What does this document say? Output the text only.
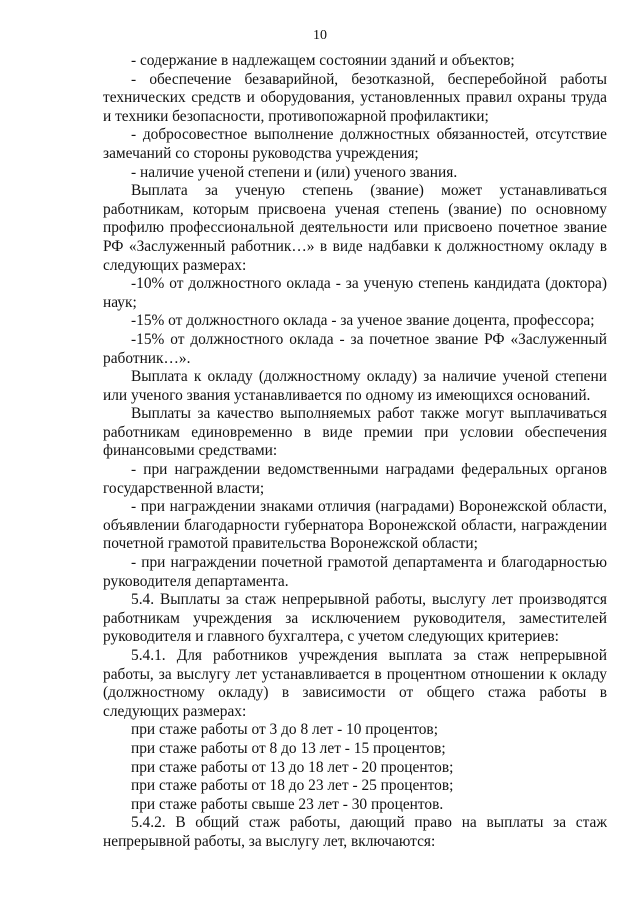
10

- содержание в надлежащем состоянии зданий и объектов;

- обеспечение безаварийной, безотказной, бесперебойной работы технических средств и оборудования, установленных правил охраны труда и техники безопасности, противопожарной профилактики;

- добросовестное выполнение должностных обязанностей, отсутствие замечаний со стороны руководства учреждения;

- наличие ученой степени и (или) ученого звания.

Выплата за ученую степень (звание) может устанавливаться работникам, которым присвоена ученая степень (звание) по основному профилю профессиональной деятельности или присвоено почетное звание РФ «Заслуженный работник…» в виде надбавки к должностному окладу в следующих размерах:

-10% от должностного оклада - за ученую степень кандидата (доктора) наук;

-15% от должностного оклада - за ученое звание доцента, профессора;

-15% от должностного оклада - за почетное звание РФ «Заслуженный работник…».

Выплата к окладу (должностному окладу) за наличие ученой степени или ученого звания устанавливается по одному из имеющихся оснований.

Выплаты за качество выполняемых работ также могут выплачиваться работникам единовременно в виде премии при условии обеспечения финансовыми средствами:

- при награждении ведомственными наградами федеральных органов государственной власти;

- при награждении знаками отличия (наградами) Воронежской области, объявлении благодарности губернатора Воронежской области, награждении почетной грамотой правительства Воронежской области;

- при награждении почетной грамотой департамента и благодарностью руководителя департамента.

5.4. Выплаты за стаж непрерывной работы, выслугу лет производятся работникам учреждения за исключением руководителя, заместителей руководителя и главного бухгалтера, с учетом следующих критериев:

5.4.1. Для работников учреждения выплата за стаж непрерывной работы, за выслугу лет устанавливается в процентном отношении к окладу (должностному окладу) в зависимости от общего стажа работы в следующих размерах:

при стаже работы от 3 до 8 лет - 10 процентов;

при стаже работы от 8 до 13 лет - 15 процентов;

при стаже работы от 13 до 18 лет - 20 процентов;

при стаже работы от 18 до 23 лет - 25 процентов;

при стаже работы свыше 23 лет - 30 процентов.

5.4.2. В общий стаж работы, дающий право на выплаты за стаж непрерывной работы, за выслугу лет, включаются:
